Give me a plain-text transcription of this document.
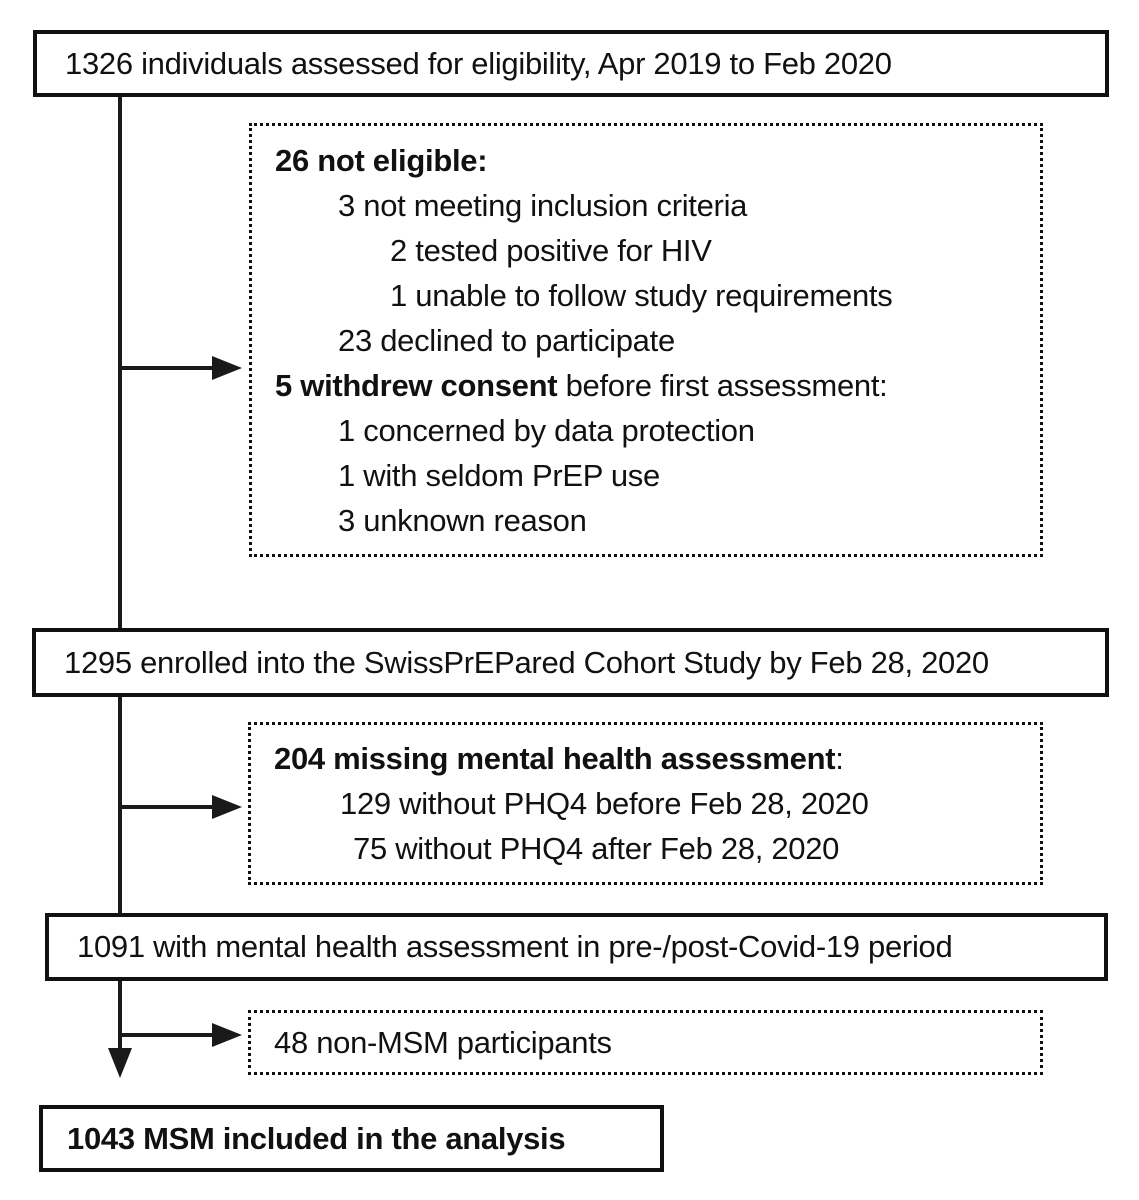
1326 individuals assessed for eligibility, Apr 2019 to Feb 2020
26 not eligible:
3 not meeting inclusion criteria
2 tested positive for HIV
1 unable to follow study requirements
23 declined to participate
5 withdrew consent before first assessment:
1 concerned by data protection
1 with seldom PrEP use
3 unknown reason
1295 enrolled into the SwissPrEPared Cohort Study by Feb 28, 2020
204 missing mental health assessment:
129 without PHQ4 before Feb 28, 2020
75 without PHQ4 after Feb 28, 2020
1091 with mental health assessment in pre-/post-Covid-19 period
48 non-MSM participants
1043 MSM included in the analysis
